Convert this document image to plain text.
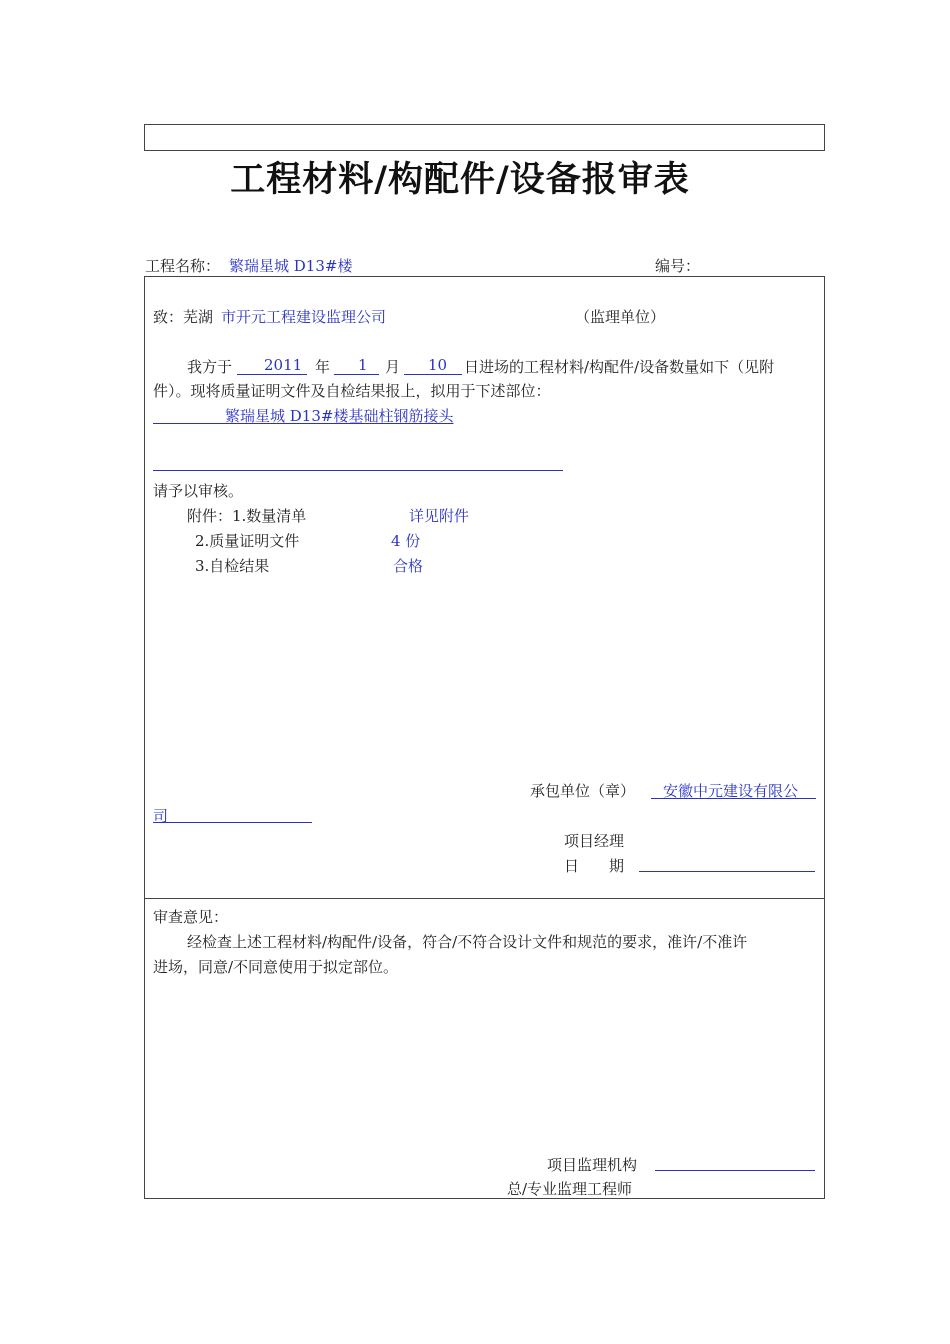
工程材料/构配件/设备报审表
工程名称： 繁瑞星城 D13#楼	编号：
致：芜湖 市开元工程建设监理公司	（监理单位）
我方于 2011 年 1 月 10 日进场的工程材料/构配件/设备数量如下（见附
件）。现将质量证明文件及自检结果报上，拟用于下述部位：
繁瑞星城 D13#楼基础柱钢筋接头
请予以审核。
附件：1.数量清单	详见附件
2.质量证明文件	4 份
3.自检结果	合格
承包单位（章） 安徽中元建设有限公
司
项目经理
日　　期
审查意见：
经检查上述工程材料/构配件/设备，符合/不符合设计文件和规范的要求，准许/不准许
进场，同意/不同意使用于拟定部位。
项目监理机构
总/专业监理工程师
